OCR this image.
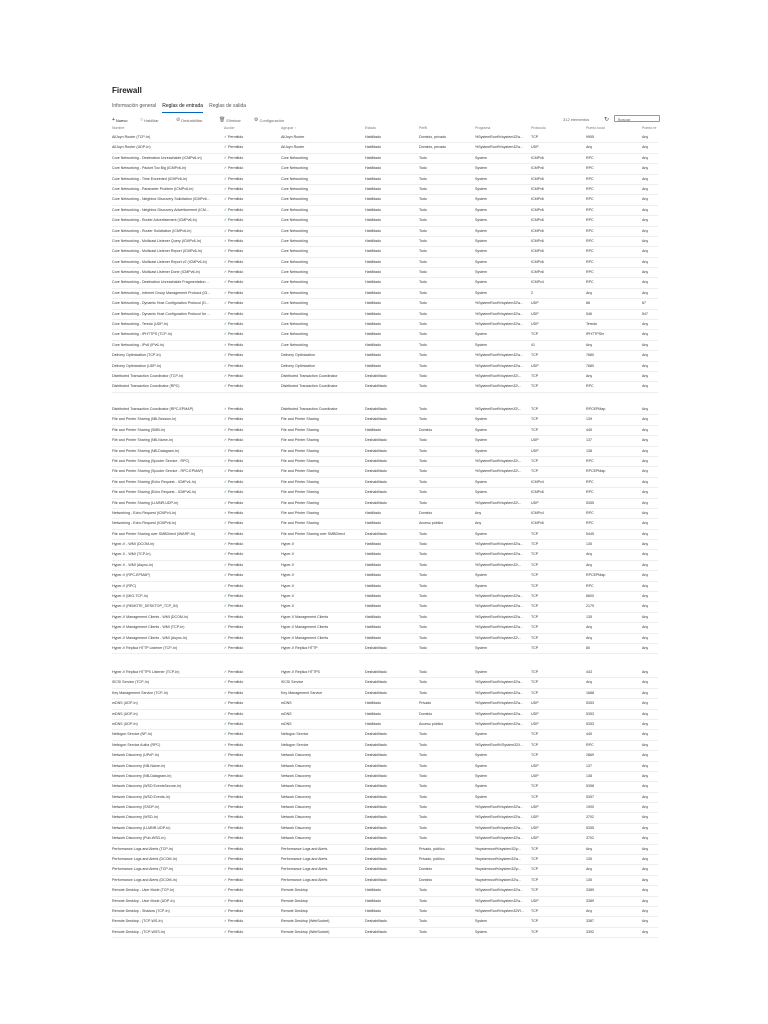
Firewall
Información general Reglas de entrada Reglas de salida
+ Nuevo	○ Habilitar	⊘ Deshabilitar	🗑 Eliminar	⚙ Configuración	312 elementos ↻	Buscar
Nombre	Acción	Agrupar ↑	Estado	Perfil	Programa	Protocolo	Puerto local	Puerto re
AllJoyn Router (TCP-In)	✓ Permitido	AllJoyn Router	Habilitado	Dominio, privado	%SystemRoot%\system32\s...	TCP	9955	Any
AllJoyn Router (UDP-In)	✓ Permitido	AllJoyn Router	Habilitado	Dominio, privado	%SystemRoot%\system32\s...	UDP	Any	Any
Core Networking - Destination Unreachable (ICMPv6-In)	✓ Permitido	Core Networking	Habilitado	Todo	System	ICMPv6	RPC	Any
Core Networking - Packet Too Big (ICMPv6-In)	✓ Permitido	Core Networking	Habilitado	Todo	System	ICMPv6	RPC	Any
Core Networking - Time Exceeded (ICMPv6-In)	✓ Permitido	Core Networking	Habilitado	Todo	System	ICMPv6	RPC	Any
Core Networking - Parameter Problem (ICMPv6-In)	✓ Permitido	Core Networking	Habilitado	Todo	System	ICMPv6	RPC	Any
Core Networking - Neighbor Discovery Solicitation (ICMPv6...	✓ Permitido	Core Networking	Habilitado	Todo	System	ICMPv6	RPC	Any
Core Networking - Neighbor Discovery Advertisement (ICM...	✓ Permitido	Core Networking	Habilitado	Todo	System	ICMPv6	RPC	Any
Core Networking - Router Advertisement (ICMPv6-In)	✓ Permitido	Core Networking	Habilitado	Todo	System	ICMPv6	RPC	Any
Core Networking - Router Solicitation (ICMPv6-In)	✓ Permitido	Core Networking	Habilitado	Todo	System	ICMPv6	RPC	Any
Core Networking - Multicast Listener Query (ICMPv6-In)	✓ Permitido	Core Networking	Habilitado	Todo	System	ICMPv6	RPC	Any
Core Networking - Multicast Listener Report (ICMPv6-In)	✓ Permitido	Core Networking	Habilitado	Todo	System	ICMPv6	RPC	Any
Core Networking - Multicast Listener Report v2 (ICMPv6-In)	✓ Permitido	Core Networking	Habilitado	Todo	System	ICMPv6	RPC	Any
Core Networking - Multicast Listener Done (ICMPv6-In)	✓ Permitido	Core Networking	Habilitado	Todo	System	ICMPv6	RPC	Any
Core Networking - Destination Unreachable Fragmentation ...	✓ Permitido	Core Networking	Habilitado	Todo	System	ICMPv4	RPC	Any
Core Networking - Internet Group Management Protocol (IG...	✓ Permitido	Core Networking	Habilitado	Todo	System	2	Any	Any
Core Networking - Dynamic Host Configuration Protocol (D...	✓ Permitido	Core Networking	Habilitado	Todo	%SystemRoot%\system32\s...	UDP	68	67
Core Networking - Dynamic Host Configuration Protocol for ...	✓ Permitido	Core Networking	Habilitado	Todo	%SystemRoot%\system32\s...	UDP	546	547
Core Networking - Teredo (UDP-In)	✓ Permitido	Core Networking	Habilitado	Todo	%SystemRoot%\system32\s...	UDP	Teredo	Any
Core Networking - IPHTTPS (TCP-In)	✓ Permitido	Core Networking	Habilitado	Todo	System	TCP	IPHTTPSIn	Any
Core Networking - IPv6 (IPv6-In)	✓ Permitido	Core Networking	Habilitado	Todo	System	41	Any	Any
Delivery Optimization (TCP-In)	✓ Permitido	Delivery Optimization	Habilitado	Todo	%SystemRoot%\system32\s...	TCP	7680	Any
Delivery Optimization (UDP-In)	✓ Permitido	Delivery Optimization	Habilitado	Todo	%SystemRoot%\system32\s...	UDP	7680	Any
Distributed Transaction Coordinator (TCP-In)	✓ Permitido	Distributed Transaction Coordinator	Deshabilitado	Todo	%SystemRoot%\system32\...	TCP	Any	Any
Distributed Transaction Coordinator (RPC)	✓ Permitido	Distributed Transaction Coordinator	Deshabilitado	Todo	%SystemRoot%\system32\...	TCP	RPC	Any
Distributed Transaction Coordinator (RPC-EPMAP)	✓ Permitido	Distributed Transaction Coordinator	Deshabilitado	Todo	%SystemRoot%\system32\...	TCP	RPCEPMap	Any
File and Printer Sharing (NB-Session-In)	✓ Permitido	File and Printer Sharing	Deshabilitado	Todo	System	TCP	139	Any
File and Printer Sharing (SMB-In)	✓ Permitido	File and Printer Sharing	Habilitado	Dominio	System	TCP	445	Any
File and Printer Sharing (NB-Name-In)	✓ Permitido	File and Printer Sharing	Deshabilitado	Todo	System	UDP	137	Any
File and Printer Sharing (NB-Datagram-In)	✓ Permitido	File and Printer Sharing	Deshabilitado	Todo	System	UDP	138	Any
File and Printer Sharing (Spooler Service - RPC)	✓ Permitido	File and Printer Sharing	Deshabilitado	Todo	%SystemRoot%\system32\...	TCP	RPC	Any
File and Printer Sharing (Spooler Service - RPC-EPMAP)	✓ Permitido	File and Printer Sharing	Deshabilitado	Todo	%SystemRoot%\system32\...	TCP	RPCEPMap	Any
File and Printer Sharing (Echo Request - ICMPv4-In)	✓ Permitido	File and Printer Sharing	Deshabilitado	Todo	System	ICMPv4	RPC	Any
File and Printer Sharing (Echo Request - ICMPv6-In)	✓ Permitido	File and Printer Sharing	Deshabilitado	Todo	System	ICMPv6	RPC	Any
File and Printer Sharing (LLMNR-UDP-In)	✓ Permitido	File and Printer Sharing	Deshabilitado	Todo	%SystemRoot%\system32\...	UDP	5355	Any
Networking - Echo Request (ICMPv4-In)	✓ Permitido	File and Printer Sharing	Habilitado	Dominio	Any	ICMPv4	RPC	Any
Networking - Echo Request (ICMPv6-In)	✓ Permitido	File and Printer Sharing	Habilitado	Acceso público	Any	ICMPv6	RPC	Any
File and Printer Sharing over SMBDirect (iWARP-In)	✓ Permitido	File and Printer Sharing over SMBDirect	Deshabilitado	Todo	System	TCP	5445	Any
Hyper-V - WMI (DCOM-In)	✓ Permitido	Hyper-V	Habilitado	Todo	%SystemRoot%\system32\s...	TCP	135	Any
Hyper-V - WMI (TCP-In)	✓ Permitido	Hyper-V	Habilitado	Todo	%SystemRoot%\system32\s...	TCP	Any	Any
Hyper-V - WMI (Async-In)	✓ Permitido	Hyper-V	Habilitado	Todo	%SystemRoot%\system32\...	TCP	Any	Any
Hyper-V (RPC-EPMAP)	✓ Permitido	Hyper-V	Habilitado	Todo	System	TCP	RPCEPMap	Any
Hyper-V (RPC)	✓ Permitido	Hyper-V	Habilitado	Todo	System	TCP	RPC	Any
Hyper-V (MIG-TCP-In)	✓ Permitido	Hyper-V	Habilitado	Todo	%SystemRoot%\system32\s...	TCP	6600	Any
Hyper-V (REMOTE_DESKTOP_TCP_IN)	✓ Permitido	Hyper-V	Habilitado	Todo	%SystemRoot%\system32\s...	TCP	2179	Any
Hyper-V Management Clients - WMI (DCOM-In)	✓ Permitido	Hyper-V Management Clients	Habilitado	Todo	%SystemRoot%\system32\s...	TCP	135	Any
Hyper-V Management Clients - WMI (TCP-In)	✓ Permitido	Hyper-V Management Clients	Habilitado	Todo	%SystemRoot%\system32\s...	TCP	Any	Any
Hyper-V Management Clients - WMI (Async-In)	✓ Permitido	Hyper-V Management Clients	Habilitado	Todo	%SystemRoot%\system32\...	TCP	Any	Any
Hyper-V Replica HTTP Listener (TCP-In)	✓ Permitido	Hyper-V Replica HTTP	Deshabilitado	Todo	System	TCP	80	Any
Hyper-V Replica HTTPS Listener (TCP-In)	✓ Permitido	Hyper-V Replica HTTPS	Deshabilitado	Todo	System	TCP	443	Any
iSCSI Service (TCP-In)	✓ Permitido	iSCSI Service	Deshabilitado	Todo	%SystemRoot%\system32\s...	TCP	Any	Any
Key Management Service (TCP-In)	✓ Permitido	Key Management Service	Deshabilitado	Todo	%SystemRoot%\system32\s...	TCP	1688	Any
mDNS (UDP-In)	✓ Permitido	mDNS	Habilitado	Privado	%SystemRoot%\system32\s...	UDP	5353	Any
mDNS (UDP-In)	✓ Permitido	mDNS	Habilitado	Dominio	%SystemRoot%\system32\s...	UDP	5353	Any
mDNS (UDP-In)	✓ Permitido	mDNS	Habilitado	Acceso público	%SystemRoot%\system32\s...	UDP	5353	Any
Netlogon Service (NP-In)	✓ Permitido	Netlogon Service	Deshabilitado	Todo	System	TCP	445	Any
Netlogon Service Authz (RPC)	✓ Permitido	Netlogon Service	Deshabilitado	Todo	%SystemRoot%\System32\I...	TCP	RPC	Any
Network Discovery (UPnP-In)	✓ Permitido	Network Discovery	Deshabilitado	Todo	System	TCP	2869	Any
Network Discovery (NB-Name-In)	✓ Permitido	Network Discovery	Deshabilitado	Todo	System	UDP	137	Any
Network Discovery (NB-Datagram-In)	✓ Permitido	Network Discovery	Deshabilitado	Todo	System	UDP	138	Any
Network Discovery (WSD EventsSecure-In)	✓ Permitido	Network Discovery	Deshabilitado	Todo	System	TCP	5358	Any
Network Discovery (WSD Events-In)	✓ Permitido	Network Discovery	Deshabilitado	Todo	System	TCP	5357	Any
Network Discovery (SSDP-In)	✓ Permitido	Network Discovery	Deshabilitado	Todo	%SystemRoot%\system32\s...	UDP	1900	Any
Network Discovery (WSD-In)	✓ Permitido	Network Discovery	Deshabilitado	Todo	%SystemRoot%\system32\s...	UDP	3702	Any
Network Discovery (LLMNR-UDP-In)	✓ Permitido	Network Discovery	Deshabilitado	Todo	%SystemRoot%\system32\s...	UDP	5355	Any
Network Discovery (Pub-WSD-In)	✓ Permitido	Network Discovery	Deshabilitado	Todo	%SystemRoot%\system32\s...	UDP	3702	Any
Performance Logs and Alerts (TCP-In)	✓ Permitido	Performance Logs and Alerts	Deshabilitado	Privado, público	%systemroot%\system32\p...	TCP	Any	Any
Performance Logs and Alerts (DCOM-In)	✓ Permitido	Performance Logs and Alerts	Deshabilitado	Privado, público	%systemroot%\system32\s...	TCP	135	Any
Performance Logs and Alerts (TCP-In)	✓ Permitido	Performance Logs and Alerts	Deshabilitado	Dominio	%systemroot%\system32\p...	TCP	Any	Any
Performance Logs and Alerts (DCOM-In)	✓ Permitido	Performance Logs and Alerts	Deshabilitado	Dominio	%systemroot%\system32\s...	TCP	135	Any
Remote Desktop - User Mode (TCP-In)	✓ Permitido	Remote Desktop	Habilitado	Todo	%SystemRoot%\system32\s...	TCP	3389	Any
Remote Desktop - User Mode (UDP-In)	✓ Permitido	Remote Desktop	Habilitado	Todo	%SystemRoot%\system32\s...	UDP	3389	Any
Remote Desktop - Shadow (TCP-In)	✓ Permitido	Remote Desktop	Habilitado	Todo	%SystemRoot%\system32\R...	TCP	Any	Any
Remote Desktop - (TCP-WS-In)	✓ Permitido	Remote Desktop (WebSocket)	Deshabilitado	Todo	System	TCP	3387	Any
Remote Desktop - (TCP-WSS-In)	✓ Permitido	Remote Desktop (WebSocket)	Deshabilitado	Todo	System	TCP	3392	Any
